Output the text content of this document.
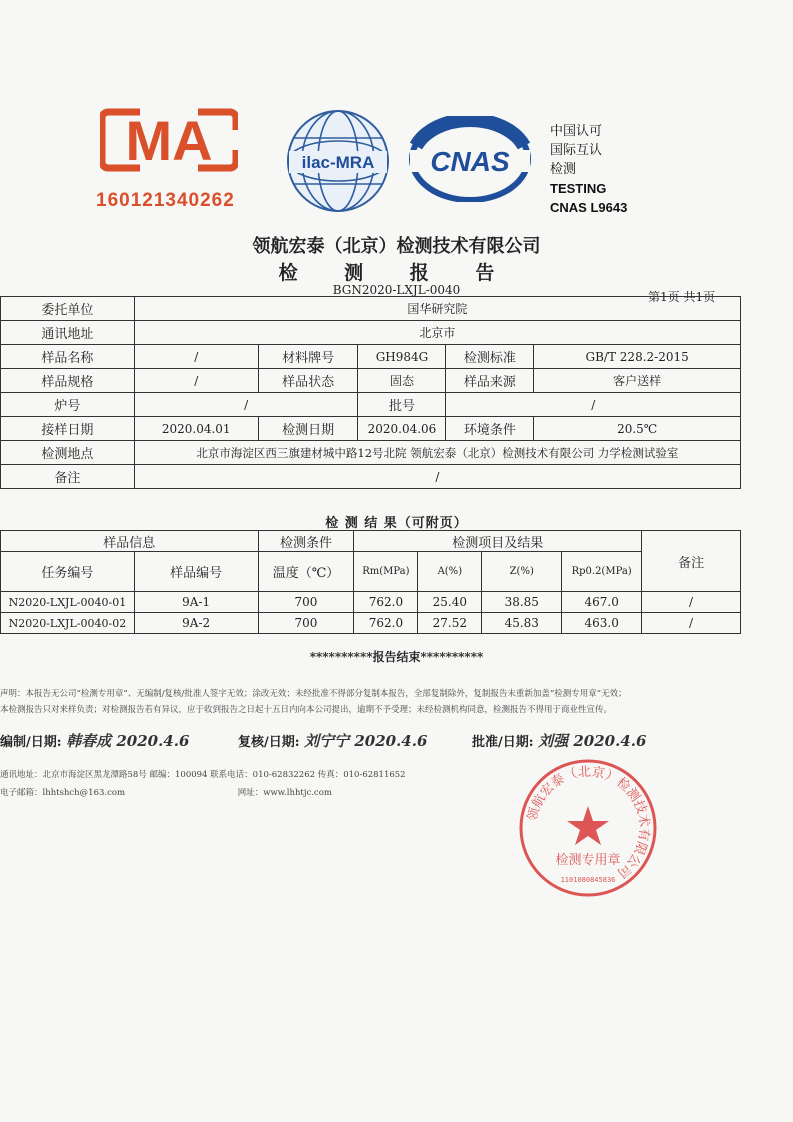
MA
160121340262
ilac-MRA CNAS
中国认可
国际互认
检测
TESTING
CNAS L9643
领航宏泰（北京）检测技术有限公司
检 测 报 告
BGN2020-LXJL-0040	第1页 共1页
委托单位	国华研究院				
通讯地址	北京市				
样品名称	/	材料牌号	GH984G	检测标准	GB/T 228.2-2015
样品规格	/	样品状态	固态	样品来源	客户送样
炉号	/		批号	/	
接样日期	2020.04.01	检测日期	2020.04.06	环境条件	20.5℃
检测地点	北京市海淀区西三旗建材城中路12号北院 领航宏泰（北京）检测技术有限公司 力学检测试验室				
备注	/				
检 测 结 果（可附页）
样品信息		检测条件	检测项目及结果				备注
任务编号	样品编号	温度（℃）	Rm(MPa)	A(%)	Z(%)	Rp0.2(MPa)	
N2020-LXJL-0040-01	9A-1	700	762.0	25.40	38.85	467.0	/
N2020-LXJL-0040-02	9A-2	700	762.0	27.52	45.83	463.0	/
**********报告结束**********
声明：本报告无公司“检测专用章”、无编制/复核/批准人签字无效；涂改无效；未经批准不得部分复制本报告，全部复制除外，复制报告未重新加盖“检测专用章”无效；
本检测报告只对来样负责；对检测报告若有异议，应于收到报告之日起十五日内向本公司提出，逾期不予受理；未经检测机构同意，检测报告不得用于商业性宣传。
编制/日期: 韩春成 2020.4.6	复核/日期: 刘宁宁 2020.4.6	批准/日期: 刘强 2020.4.6
通讯地址：北京市海淀区黑龙潭路58号 邮编：100094 联系电话：010-62832262 传真：010-62811652
电子邮箱：lhhtshch@163.com	网址：www.lhhtjc.com
领航宏泰（北京）检测技术有限公司
检测专用章
1101080845836
